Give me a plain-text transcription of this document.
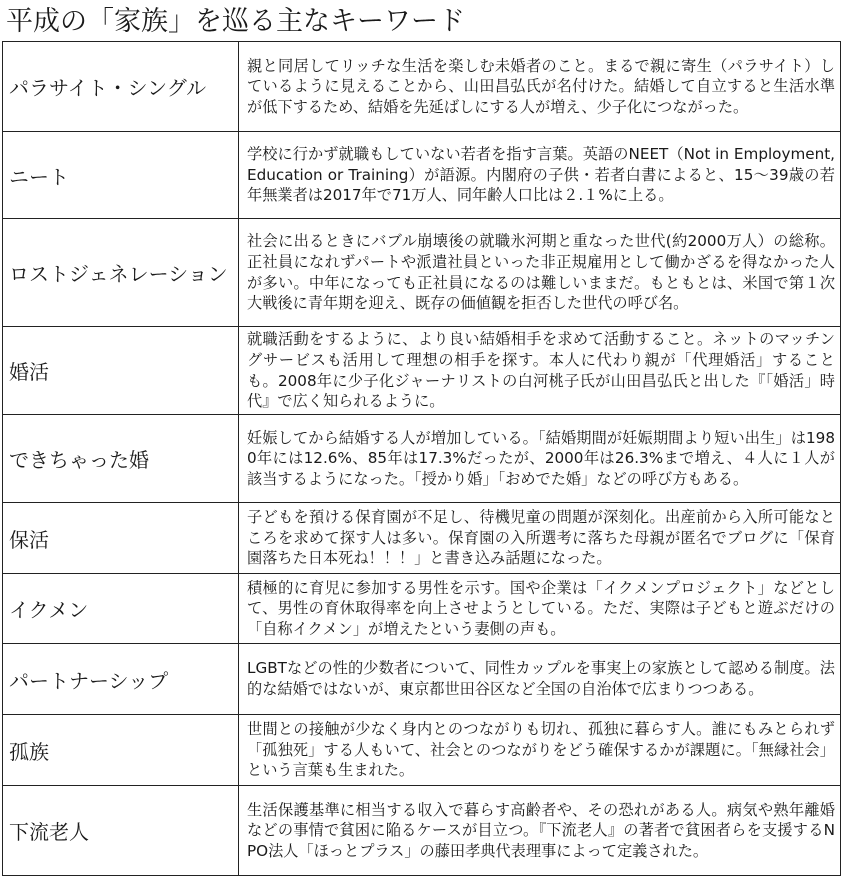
平成の「家族」を巡る主なキーワード
パラサイト・シングル	親と同居してリッチな生活を楽しむ未婚者のこと。まるで親に寄生（パラサイト）しているように見えることから、山田昌弘氏が名付けた。結婚して自立すると生活水準が低下するため、結婚を先延ばしにする人が増え、少子化につながった。
ニート	学校に行かず就職もしていない若者を指す言葉。英語のNEET（Not in Employment,Education or Training）が語源。内閣府の子供・若者白書によると、15～39歳の若年無業者は2017年で71万人、同年齢人口比は２.１%に上る。
ロストジェネレーション	社会に出るときにバブル崩壊後の就職氷河期と重なった世代(約2000万人）の総称。正社員になれずパートや派遣社員といった非正規雇用として働かざるを得なかった人が多い。中年になっても正社員になるのは難しいままだ。もともとは、米国で第１次大戦後に青年期を迎え、既存の価値観を拒否した世代の呼び名。
婚活	就職活動をするように、より良い結婚相手を求めて活動すること。ネットのマッチングサービスも活用して理想の相手を探す。本人に代わり親が「代理婚活」することも。2008年に少子化ジャーナリストの白河桃子氏が山田昌弘氏と出した『「婚活」時代』で広く知られるように。
できちゃった婚	妊娠してから結婚する人が増加している。「結婚期間が妊娠期間より短い出生」は1980年には12.6%、85年は17.3%だったが、2000年は26.3%まで増え、４人に１人が該当するようになった。「授かり婚」「おめでた婚」などの呼び方もある。
保活	子どもを預ける保育園が不足し、待機児童の問題が深刻化。出産前から入所可能なところを求めて探す人は多い。保育園の入所選考に落ちた母親が匿名でブログに「保育園落ちた日本死ね！！！」と書き込み話題になった。
イクメン	積極的に育児に参加する男性を示す。国や企業は「イクメンプロジェクト」などとして、男性の育休取得率を向上させようとしている。ただ、実際は子どもと遊ぶだけの「自称イクメン」が増えたという妻側の声も。
パートナーシップ	LGBTなどの性的少数者について、同性カップルを事実上の家族として認める制度。法的な結婚ではないが、東京都世田谷区など全国の自治体で広まりつつある。
孤族	世間との接触が少なく身内とのつながりも切れ、孤独に暮らす人。誰にもみとられず「孤独死」する人もいて、社会とのつながりをどう確保するかが課題に。「無縁社会」という言葉も生まれた。
下流老人	生活保護基準に相当する収入で暮らす高齢者や、その恐れがある人。病気や熟年離婚などの事情で貧困に陥るケースが目立つ。『下流老人』の著者で貧困者らを支援するNPO法人「ほっとプラス」の藤田孝典代表理事によって定義された。
